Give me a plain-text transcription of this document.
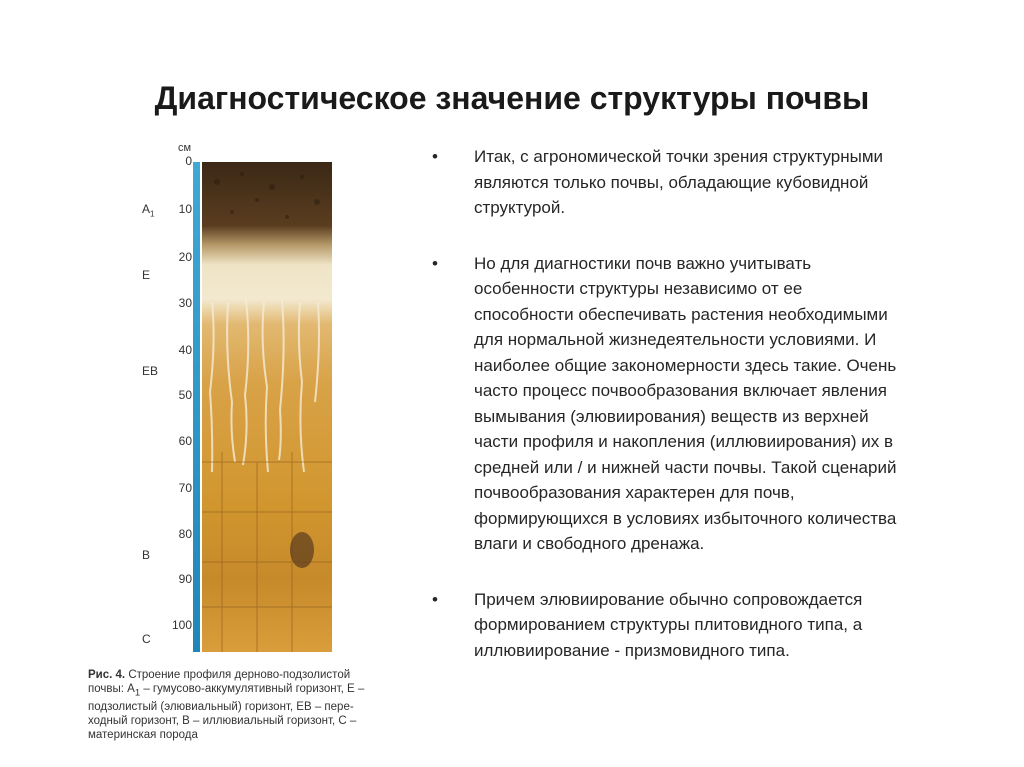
Диагностическое значение структуры почвы
см
0
10
20
30
40
50
60
70
80
90
100
$A_1$
E
EB
B
C
Рис. 4. Строение профиля дерново-подзолистой
почвы: $A_1$ – гумусово-аккумулятивный горизонт, E –
подзолистый (элювиальный) горизонт, EB – пере-
ходный горизонт, B – иллювиальный горизонт, C –
материнская порода
• Итак, с агрономической точки зрения структурными
являются только почвы, обладающие кубовидной
структурой.
• Но для диагностики почв важно учитывать
особенности структуры независимо от ее
способности обеспечивать растения необходимыми
для нормальной жизнедеятельности условиями. И
наиболее общие закономерности здесь такие. Очень
часто процесс почвообразования включает явления
вымывания (элювиирования) веществ из верхней
части профиля и накопления (иллювиирования) их в
средней или / и нижней части почвы. Такой сценарий
почвообразования характерен для почв,
формирующихся в условиях избыточного количества
влаги и свободного дренажа.
• Причем элювиирование обычно сопровождается
формированием структуры плитовидного типа, а
иллювиирование - призмовидного типа.
